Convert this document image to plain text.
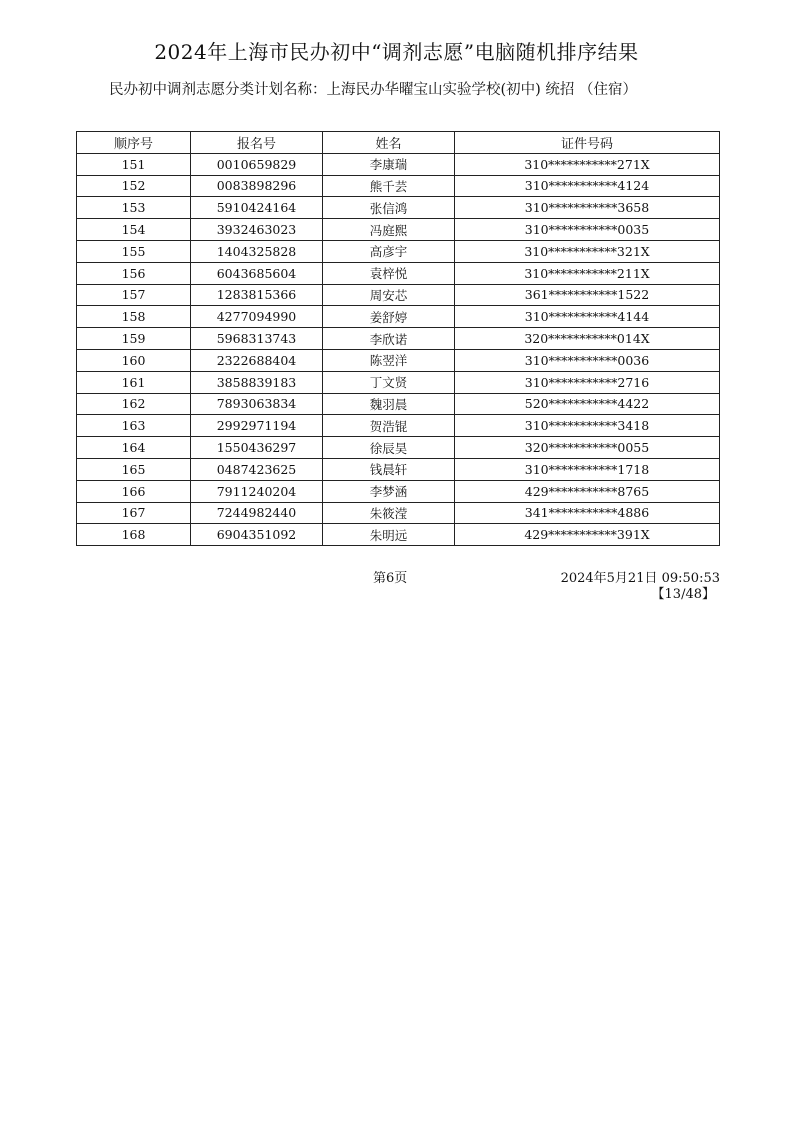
2024年上海市民办初中“调剂志愿”电脑随机排序结果
民办初中调剂志愿分类计划名称：上海民办华曜宝山实验学校(初中) 统招 （住宿）
顺序号	报名号	姓名	证件号码
151	0010659829	李康瑞	310***********271X
152	0083898296	熊千芸	310***********4124
153	5910424164	张信鸿	310***********3658
154	3932463023	冯庭熙	310***********0035
155	1404325828	高彦宇	310***********321X
156	6043685604	袁梓悦	310***********211X
157	1283815366	周安芯	361***********1522
158	4277094990	姜舒婷	310***********4144
159	5968313743	李欣诺	320***********014X
160	2322688404	陈翌洋	310***********0036
161	3858839183	丁文贤	310***********2716
162	7893063834	魏羽晨	520***********4422
163	2992971194	贺浩锟	310***********3418
164	1550436297	徐辰昊	320***********0055
165	0487423625	钱晨轩	310***********1718
166	7911240204	李梦涵	429***********8765
167	7244982440	朱筱滢	341***********4886
168	6904351092	朱明远	429***********391X
第6页	2024年5月21日 09:50:53
【13/48】
